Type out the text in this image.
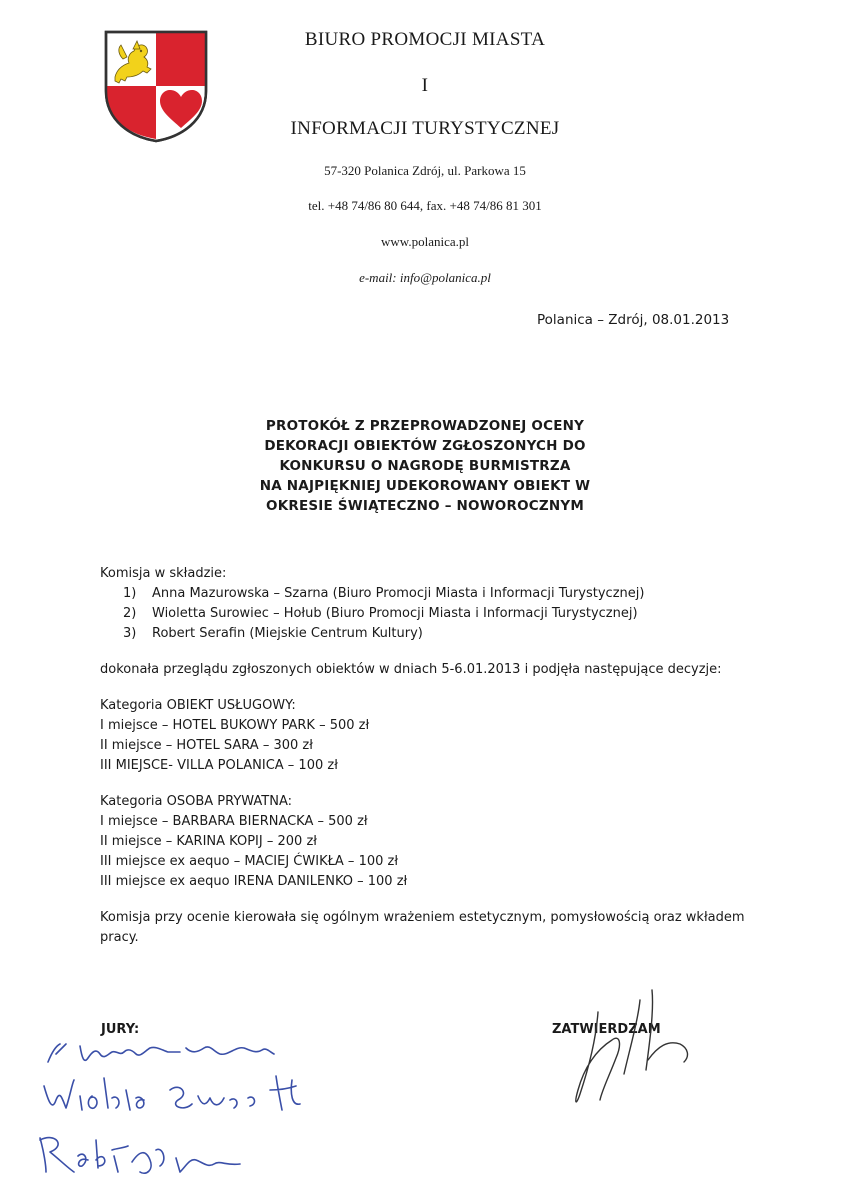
BIURO PROMOCJI MIASTA
I
INFORMACJI TURYSTYCZNEJ
57-320 Polanica Zdrój, ul. Parkowa 15
tel. +48 74/86 80 644, fax. +48 74/86 81 301
www.polanica.pl
e-mail: info@polanica.pl
Polanica – Zdrój, 08.01.2013
PROTOKÓŁ Z PRZEPROWADZONEJ OCENY
DEKORACJI OBIEKTÓW ZGŁOSZONYCH DO
KONKURSU O NAGRODĘ BURMISTRZA
NA NAJPIĘKNIEJ UDEKOROWANY OBIEKT W
OKRESIE ŚWIĄTECZNO – NOWOROCZNYM

Komisja w składzie:

1)	Anna Mazurowska – Szarna (Biuro Promocji Miasta i Informacji Turystycznej)
2)	Wioletta Surowiec – Hołub (Biuro Promocji Miasta i Informacji Turystycznej)
3)	Robert Serafin (Miejskie Centrum Kultury)

dokonała przeglądu zgłoszonych obiektów w dniach 5-6.01.2013 i podjęła następujące decyzje:

Kategoria OBIEKT USŁUGOWY:

I miejsce – HOTEL BUKOWY PARK – 500 zł

II miejsce – HOTEL SARA – 300 zł

III MIEJSCE- VILLA POLANICA – 100 zł

Kategoria OSOBA PRYWATNA:

I miejsce – BARBARA BIERNACKA – 500 zł

II miejsce – KARINA KOPIJ – 200 zł

III miejsce ex aequo – MACIEJ ĆWIKŁA – 100 zł

III miejsce ex aequo IRENA DANILENKO – 100 zł

Komisja przy ocenie kierowała się ogólnym wrażeniem estetycznym, pomysłowością oraz wkładem pracy.

JURY:	ZATWIERDZAM
